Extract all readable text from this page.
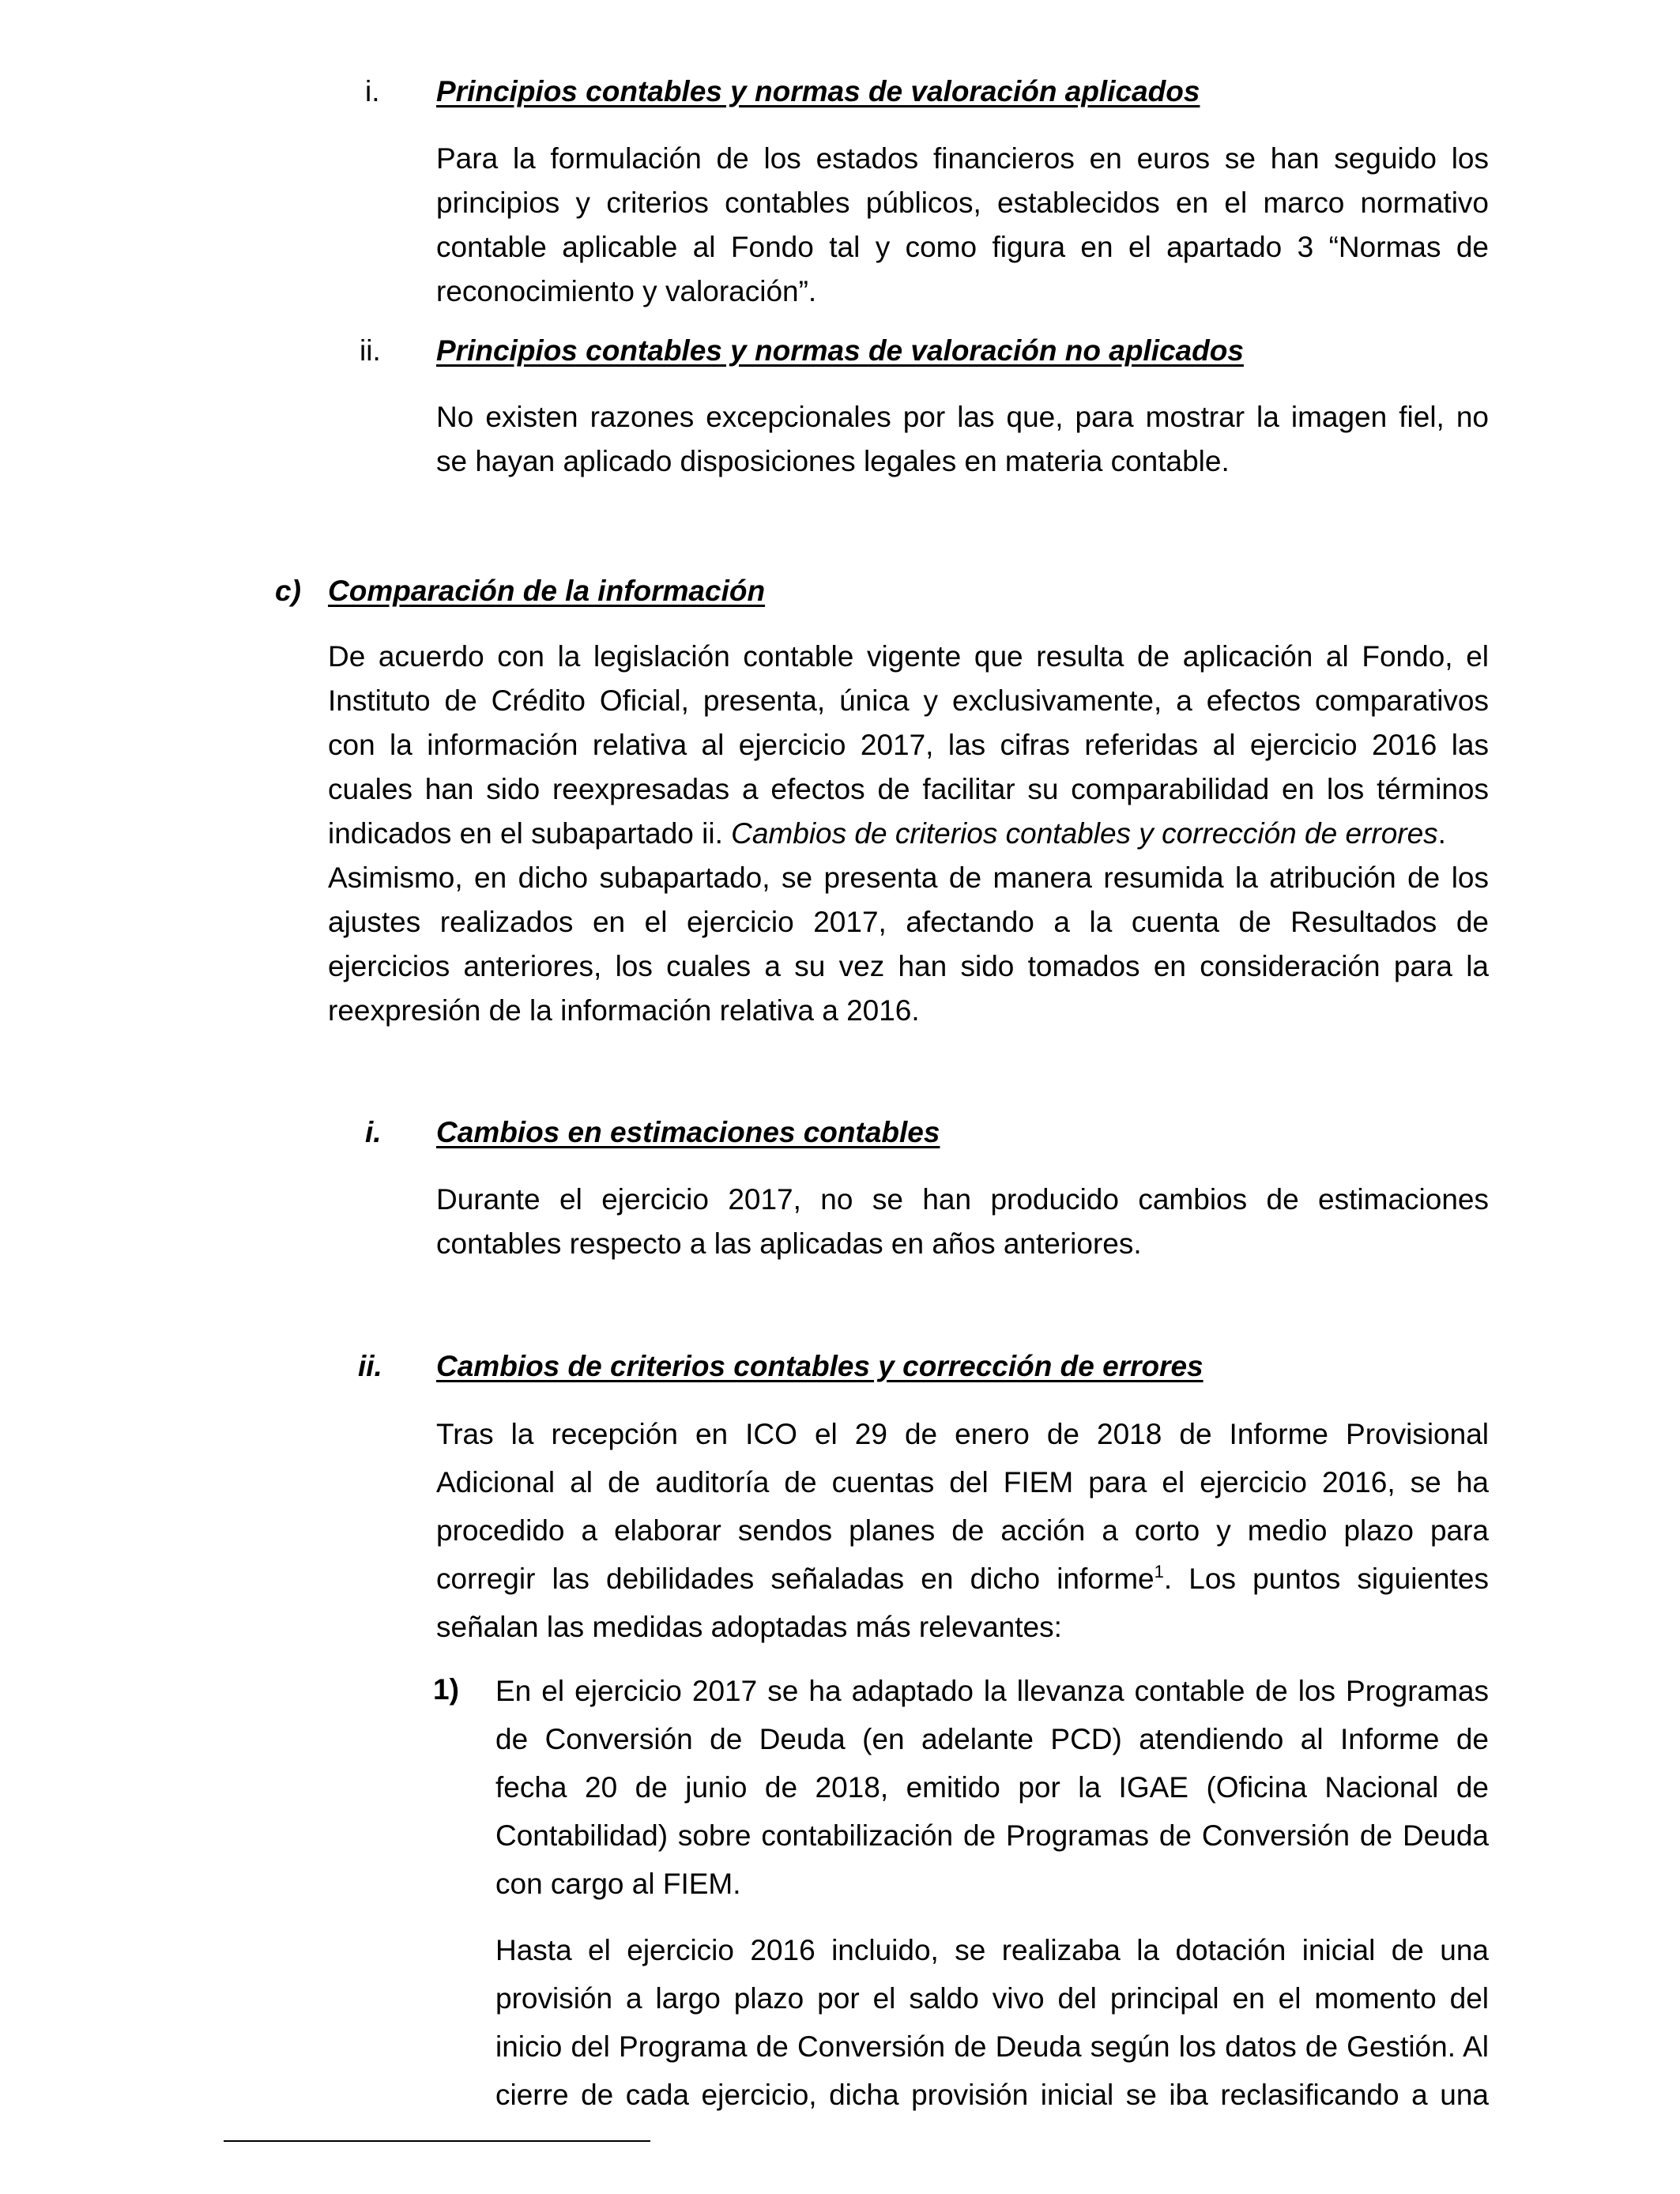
i. Principios contables y normas de valoración aplicados
Para la formulación de los estados financieros en euros se han seguido los
principios y criterios contables públicos, establecidos en el marco normativo
contable aplicable al Fondo tal y como figura en el apartado 3 “Normas de
reconocimiento y valoración”.
ii. Principios contables y normas de valoración no aplicados
No existen razones excepcionales por las que, para mostrar la imagen fiel, no
se hayan aplicado disposiciones legales en materia contable.
c) Comparación de la información
De acuerdo con la legislación contable vigente que resulta de aplicación al Fondo, el
Instituto de Crédito Oficial, presenta, única y exclusivamente, a efectos comparativos
con la información relativa al ejercicio 2017, las cifras referidas al ejercicio 2016 las
cuales han sido reexpresadas a efectos de facilitar su comparabilidad en los términos
indicados en el subapartado ii. Cambios de criterios contables y corrección de errores.
Asimismo, en dicho subapartado, se presenta de manera resumida la atribución de los
ajustes realizados en el ejercicio 2017, afectando a la cuenta de Resultados de
ejercicios anteriores, los cuales a su vez han sido tomados en consideración para la
reexpresión de la información relativa a 2016.
i. Cambios en estimaciones contables
Durante el ejercicio 2017, no se han producido cambios de estimaciones
contables respecto a las aplicadas en años anteriores.
ii. Cambios de criterios contables y corrección de errores
Tras la recepción en ICO el 29 de enero de 2018 de Informe Provisional
Adicional al de auditoría de cuentas del FIEM para el ejercicio 2016, se ha
procedido a elaborar sendos planes de acción a corto y medio plazo para
corregir las debilidades señaladas en dicho informe$^1$. Los puntos siguientes
señalan las medidas adoptadas más relevantes:
1) En el ejercicio 2017 se ha adaptado la llevanza contable de los Programas
de Conversión de Deuda (en adelante PCD) atendiendo al Informe de
fecha 20 de junio de 2018, emitido por la IGAE (Oficina Nacional de
Contabilidad) sobre contabilización de Programas de Conversión de Deuda
con cargo al FIEM.
Hasta el ejercicio 2016 incluido, se realizaba la dotación inicial de una
provisión a largo plazo por el saldo vivo del principal en el momento del
inicio del Programa de Conversión de Deuda según los datos de Gestión. Al
cierre de cada ejercicio, dicha provisión inicial se iba reclasificando a una
